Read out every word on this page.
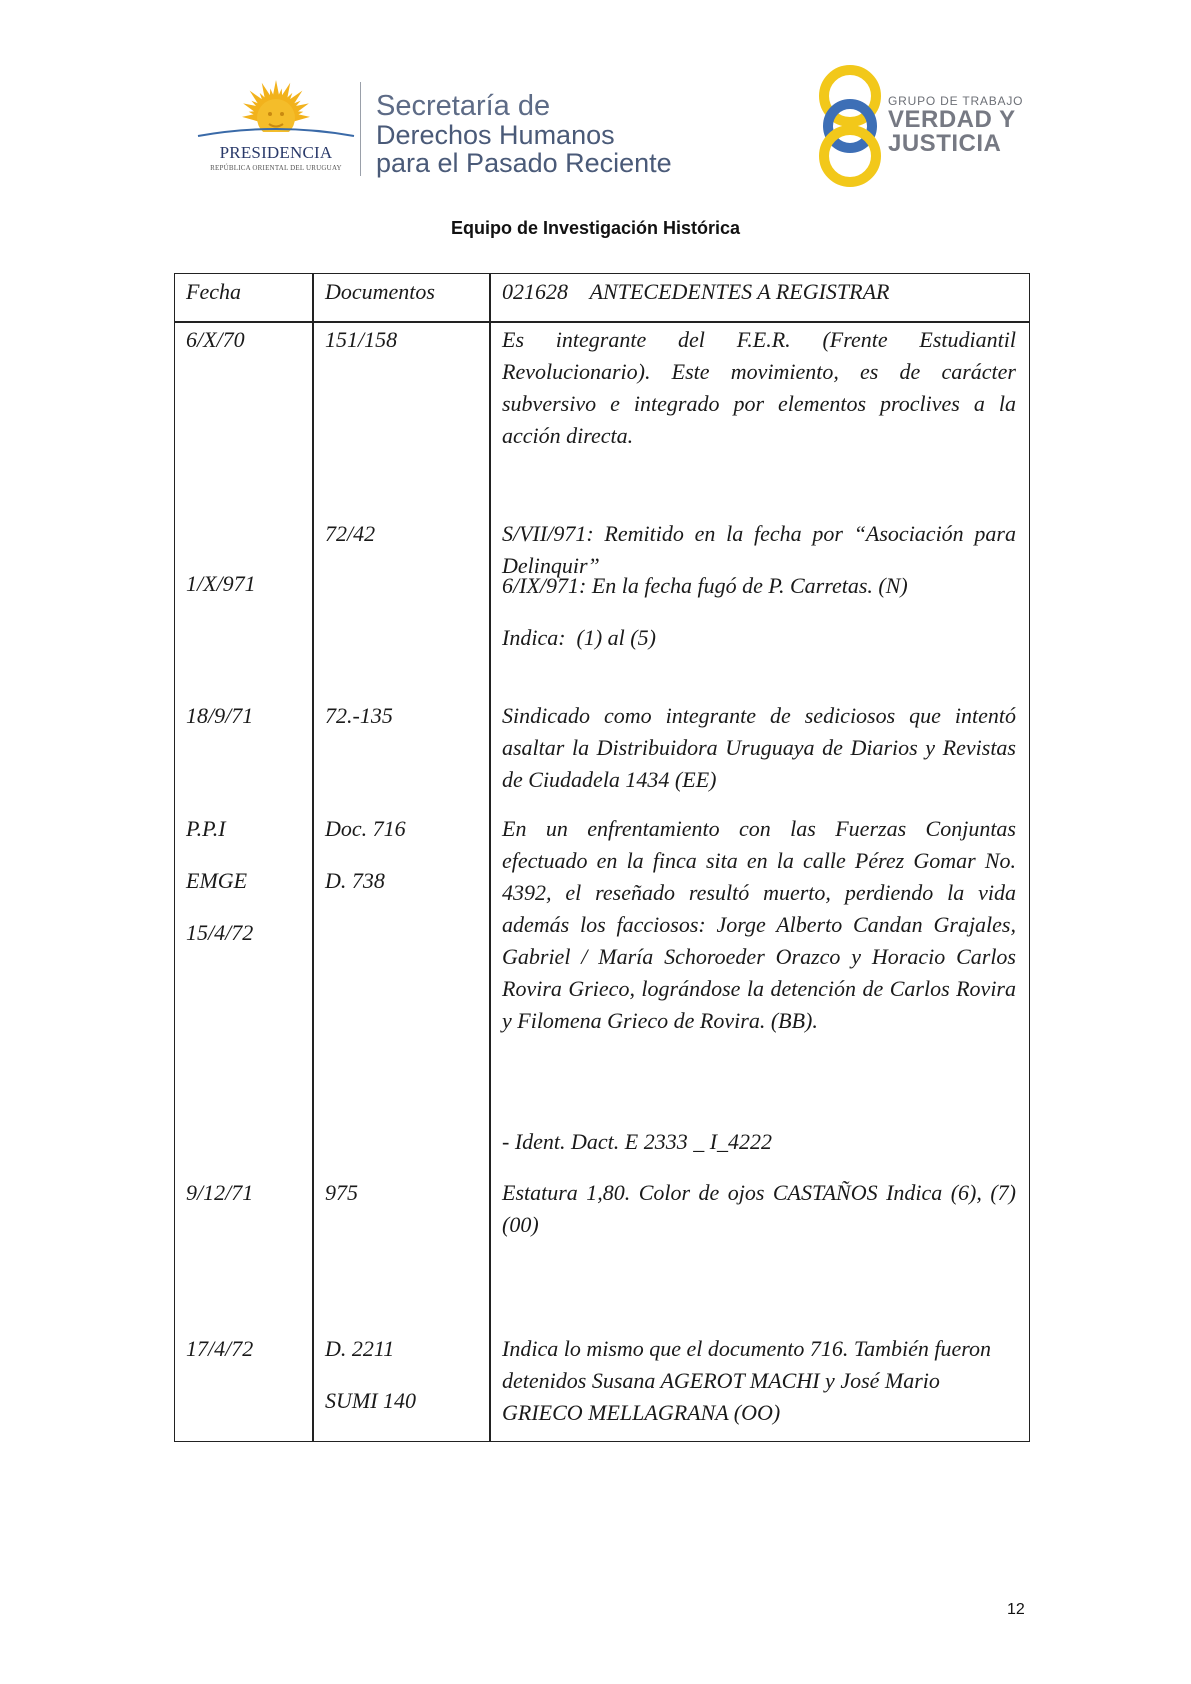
PRESIDENCIA
REPÚBLICA ORIENTAL DEL URUGUAY
Secretaría de
Derechos Humanos
para el Pasado Reciente
GRUPO DE TRABAJO
VERDAD Y
JUSTICIA
Equipo de Investigación Histórica
Fecha	Documentos	021628    ANTECEDENTES A REGISTRAR
6/X/70
1/X/971
18/9/71
P.P.I
EMGE
15/4/72
9/12/71
17/4/72
151/158
72/42
72.-135
Doc. 716
D. 738
975
D. 2211
SUMI 140
Es integrante del F.E.R. (Frente Estudiantil Revolucionario). Este movimiento, es de carácter subversivo e integrado por elementos proclives a la acción directa.
S/VII/971: Remitido en la fecha por “Asociación para Delinquir”
6/IX/971: En la fecha fugó de P. Carretas. (N)
Indica:  (1) al (5)
Sindicado como integrante de sediciosos que intentó asaltar la Distribuidora Uruguaya de Diarios y Revistas de Ciudadela 1434 (EE)
En un enfrentamiento con las Fuerzas Conjuntas efectuado en la finca sita en la calle Pérez Gomar No. 4392, el reseñado resultó muerto, perdiendo la vida además los facciosos: Jorge Alberto Candan Grajales, Gabriel / María Schoroeder Orazco y Horacio Carlos Rovira Grieco, lográndose la detención de Carlos Rovira y Filomena Grieco de Rovira. (BB).
- Ident. Dact. E 2333 _ I_4222
Estatura 1,80. Color de ojos CASTAÑOS Indica (6), (7) (00)
Indica lo mismo que el documento 716. También fueron detenidos Susana AGEROT MACHI y José Mario GRIECO MELLAGRANA (OO)
12
